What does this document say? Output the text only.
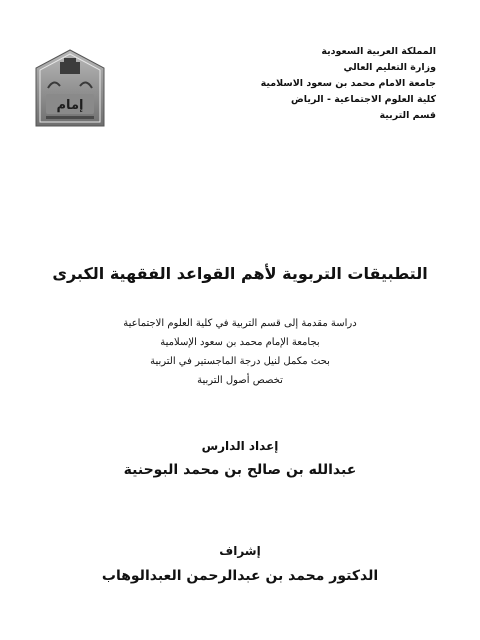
إمام
المملكة العربية السعودية
وزارة التعليم العالي
جامعة الامام محمد بن سعود الاسلامية
كلية العلوم الاجتماعية - الرياض
قسم التربية
التطبيقات التربوية لأهم القواعد الفقهية الكبرى
دراسة مقدمة إلى قسم التربية في كلية العلوم الاجتماعية
بجامعة الإمام محمد بن سعود الإسلامية
بحث مكمل لنيل درجة الماجستير في التربية
تخصص أصول التربية
إعداد الدارس
عبدالله بن صالح بن محمد البوحنية
إشراف
الدكتور محمد بن عبدالرحمن العبدالوهاب
